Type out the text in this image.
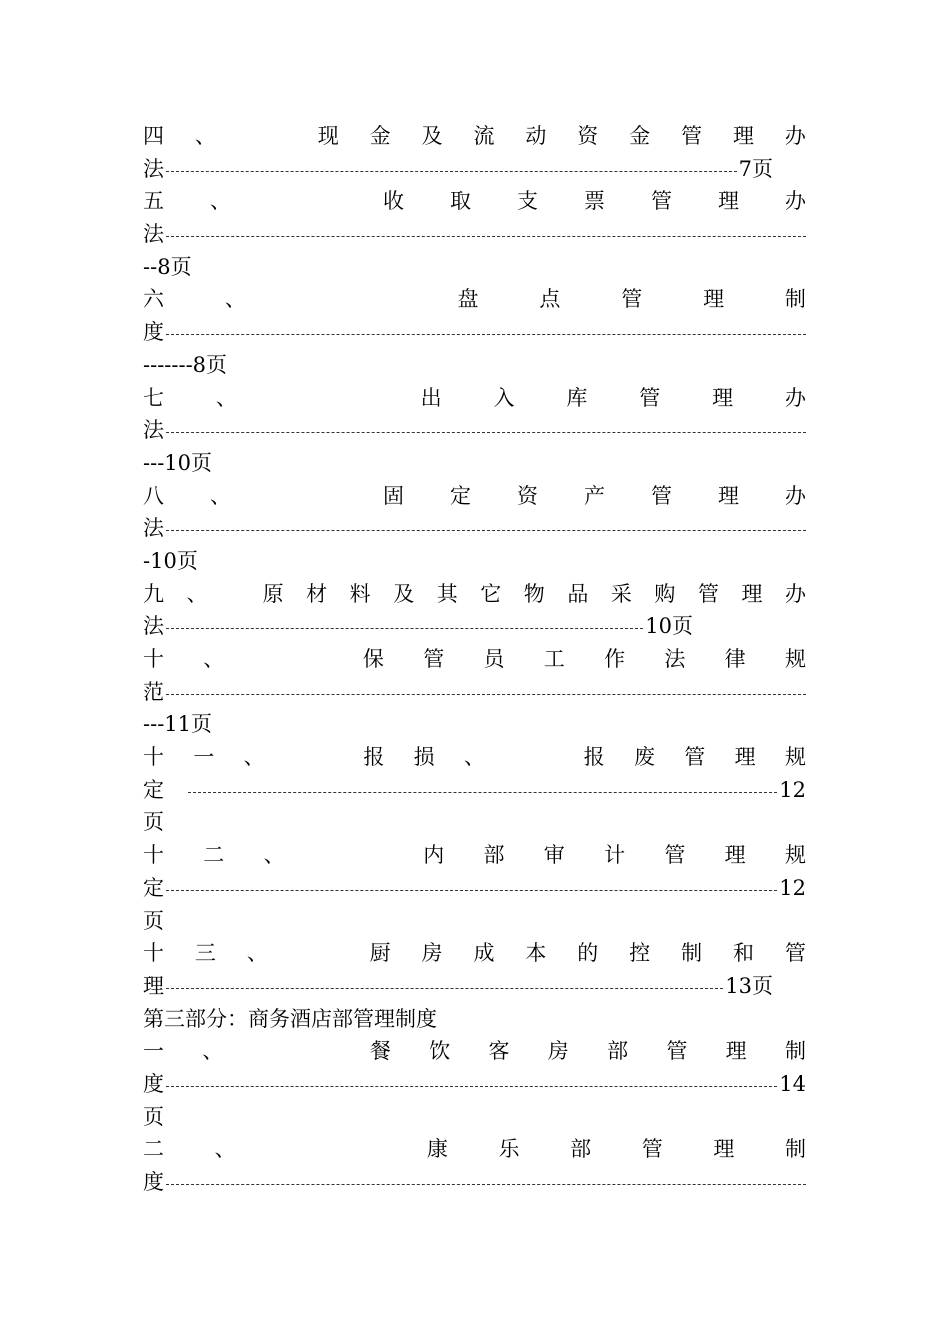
四 、	现 金 及 流 动 资 金 管 理 办
法	7页
五 、	收 取 支 票 管 理 办
法
-- 8页
六	、	盘	点	管	理	制
度
------- 8页
七 、	出 入 库 管 理 办
法
--- 10页
八 、	固 定 资 产 管 理 办
法
- 10页
九 、	原 材 料 及 其 它 物 品 采 购 管 理 办
法	10页
十 、	保 管 员 工 作 法 律 规
范
--- 11页
十 一 、	报 损 、	报 废 管 理 规
定	12
页
十 二 、	内 部 审 计 管 理 规
定	12
页
十 三 、	厨 房 成 本 的 控 制 和 管
理	13页
第三部分：商务酒店部管理制度
一 、	餐 饮 客 房 部 管 理 制
度	14
页
二 、	康 乐 部 管 理 制
度
